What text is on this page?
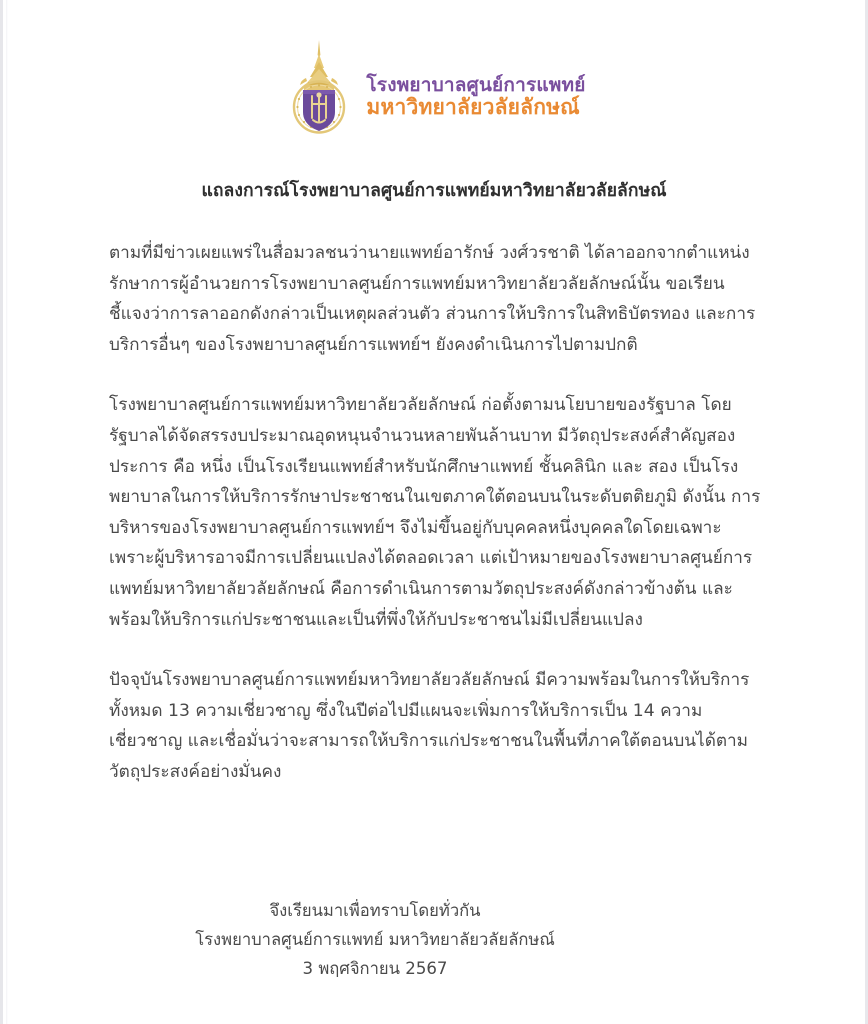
โรงพยาบาลศูนย์การแพทย์
มหาวิทยาลัยวลัยลักษณ์
แถลงการณ์โรงพยาบาลศูนย์การแพทย์มหาวิทยาลัยวลัยลักษณ์

ตามที่มีข่าวเผยแพร่ในสื่อมวลชนว่านายแพทย์อารักษ์ วงศ์วรชาติ ได้ลาออกจากตำแหน่งรักษาการผู้อำนวยการโรงพยาบาลศูนย์การแพทย์มหาวิทยาลัยวลัยลักษณ์นั้น ขอเรียนชี้แจงว่าการลาออกดังกล่าวเป็นเหตุผลส่วนตัว ส่วนการให้บริการในสิทธิบัตรทอง และการบริการอื่นๆ ของโรงพยาบาลศูนย์การแพทย์ฯ ยังคงดำเนินการไปตามปกติ

โรงพยาบาลศูนย์การแพทย์มหาวิทยาลัยวลัยลักษณ์ ก่อตั้งตามนโยบายของรัฐบาล โดยรัฐบาลได้จัดสรรงบประมาณอุดหนุนจำนวนหลายพันล้านบาท มีวัตถุประสงค์สำคัญสองประการ คือ หนึ่ง เป็นโรงเรียนแพทย์สำหรับนักศึกษาแพทย์ ชั้นคลินิก และ สอง เป็นโรงพยาบาลในการให้บริการรักษาประชาชนในเขตภาคใต้ตอนบนในระดับตติยภูมิ ดังนั้น การบริหารของโรงพยาบาลศูนย์การแพทย์ฯ จึงไม่ขึ้นอยู่กับบุคคลหนึ่งบุคคลใดโดยเฉพาะ เพราะผู้บริหารอาจมีการเปลี่ยนแปลงได้ตลอดเวลา แต่เป้าหมายของโรงพยาบาลศูนย์การแพทย์มหาวิทยาลัยวลัยลักษณ์ คือการดำเนินการตามวัตถุประสงค์ดังกล่าวข้างต้น และพร้อมให้บริการแก่ประชาชนและเป็นที่พึ่งให้กับประชาชนไม่มีเปลี่ยนแปลง

ปัจจุบันโรงพยาบาลศูนย์การแพทย์มหาวิทยาลัยวลัยลักษณ์ มีความพร้อมในการให้บริการทั้งหมด 13 ความเชี่ยวชาญ ซึ่งในปีต่อไปมีแผนจะเพิ่มการให้บริการเป็น 14 ความเชี่ยวชาญ และเชื่อมั่นว่าจะสามารถให้บริการแก่ประชาชนในพื้นที่ภาคใต้ตอนบนได้ตามวัตถุประสงค์อย่างมั่นคง

จึงเรียนมาเพื่อทราบโดยทั่วกัน
โรงพยาบาลศูนย์การแพทย์ มหาวิทยาลัยวลัยลักษณ์
3 พฤศจิกายน 2567
